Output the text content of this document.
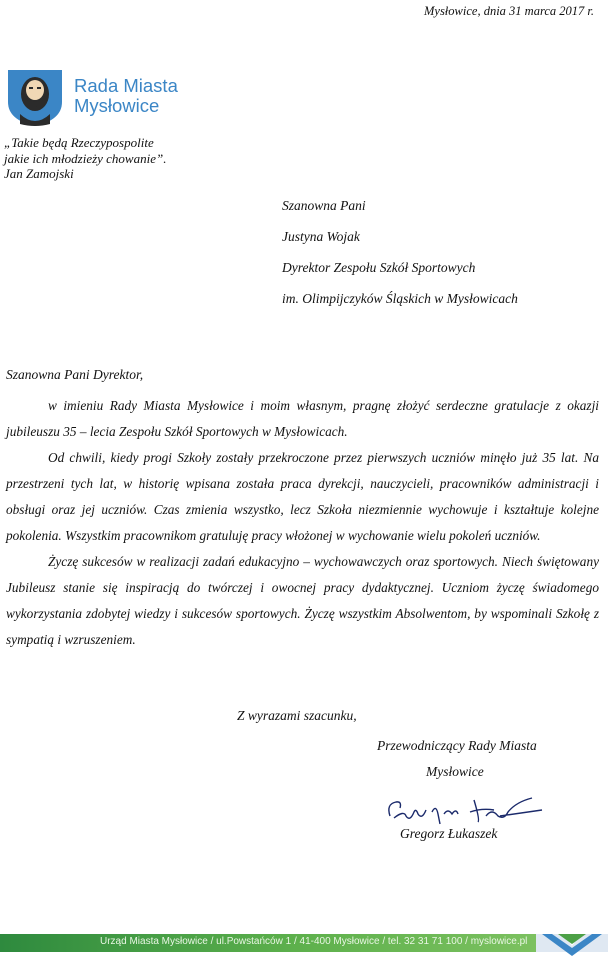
Mysłowice, dnia 31 marca 2017 r.
Rada Miasta
Mysłowice
„Takie będą Rzeczypospolite
jakie ich młodzieży chowanie”.
Jan Zamojski
Szanowna Pani
Justyna Wojak
Dyrektor Zespołu Szkół Sportowych
im. Olimpijczyków Śląskich w Mysłowicach
Szanowna Pani Dyrektor,

w imieniu Rady Miasta Mysłowice i moim własnym, pragnę złożyć serdeczne gratulacje z okazji jubileuszu 35 – lecia Zespołu Szkół Sportowych w Mysłowicach.

Od chwili, kiedy progi Szkoły zostały przekroczone przez pierwszych uczniów minęło już 35 lat. Na przestrzeni tych lat, w historię wpisana została praca dyrekcji, nauczycieli, pracowników administracji i obsługi oraz jej uczniów. Czas zmienia wszystko, lecz Szkoła niezmiennie wychowuje i kształtuje kolejne pokolenia. Wszystkim pracownikom gratuluję pracy włożonej w wychowanie wielu pokoleń uczniów.

Życzę sukcesów w realizacji zadań edukacyjno – wychowawczych oraz sportowych. Niech świętowany Jubileusz stanie się inspiracją do twórczej i owocnej pracy dydaktycznej. Uczniom życzę świadomego wykorzystania zdobytej wiedzy i sukcesów sportowych. Życzę wszystkim Absolwentom, by wspominali Szkołę z sympatią i wzruszeniem.

Z wyrazami szacunku,
Przewodniczący Rady Miasta
Mysłowice
Gregorz Łukaszek
Urząd Miasta Mysłowice / ul.Powstańców 1 / 41-400 Mysłowice / tel. 32 31 71 100 / myslowice.pl
